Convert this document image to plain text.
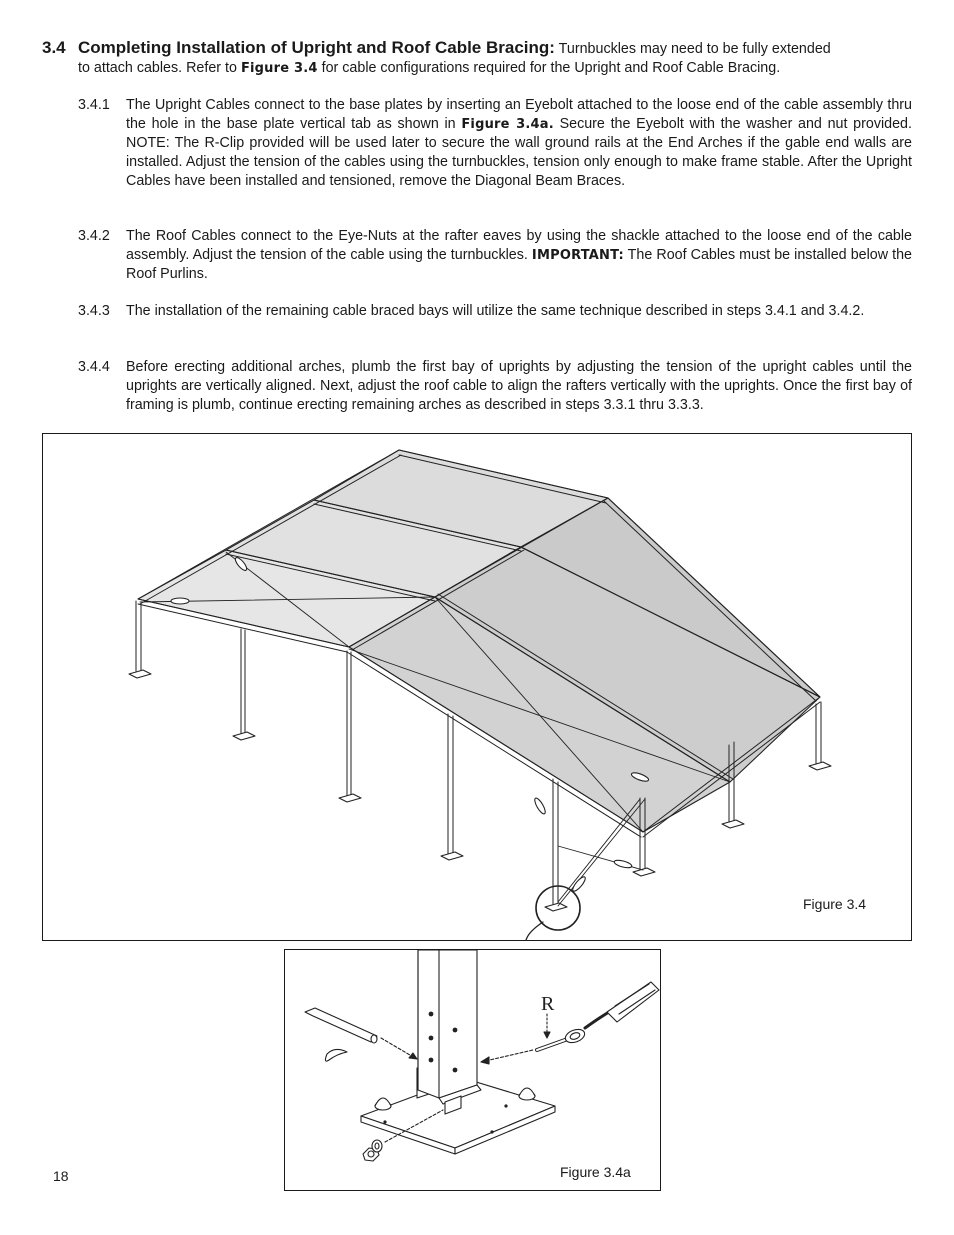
3.4 Completing Installation of Upright and Roof Cable Bracing: Turnbuckles may need to be fully extended
to attach cables. Refer to Figure 3.4 for cable configurations required for the Upright and Roof Cable Bracing.
3.4.1	The Upright Cables connect to the base plates by inserting an Eyebolt attached to the loose end of the cable assembly thru the hole in the base plate vertical tab as shown in Figure 3.4a. Secure the Eyebolt with the washer and nut provided. NOTE: The R-Clip provided will be used later to secure the wall ground rails at the End Arches if the gable end walls are installed. Adjust the tension of the cables using the turnbuckles, tension only enough to make frame stable. After the Upright Cables have been installed and tensioned, remove the Diagonal Beam Braces.
3.4.2	The Roof Cables connect to the Eye-Nuts at the rafter eaves by using the shackle attached to the loose end of the cable assembly. Adjust the tension of the cable using the turnbuckles. IMPORTANT: The Roof Cables must be installed below the Roof Purlins.
3.4.3	The installation of the remaining cable braced bays will utilize the same technique described in steps 3.4.1 and 3.4.2.
3.4.4	Before erecting additional arches, plumb the first bay of uprights by adjusting the tension of the upright cables until the uprights are vertically aligned. Next, adjust the roof cable to align the rafters vertically with the uprights. Once the first bay of framing is plumb, continue erecting remaining arches as described in steps 3.3.1 thru 3.3.3.
Figure 3.4
R
Figure 3.4a
18
